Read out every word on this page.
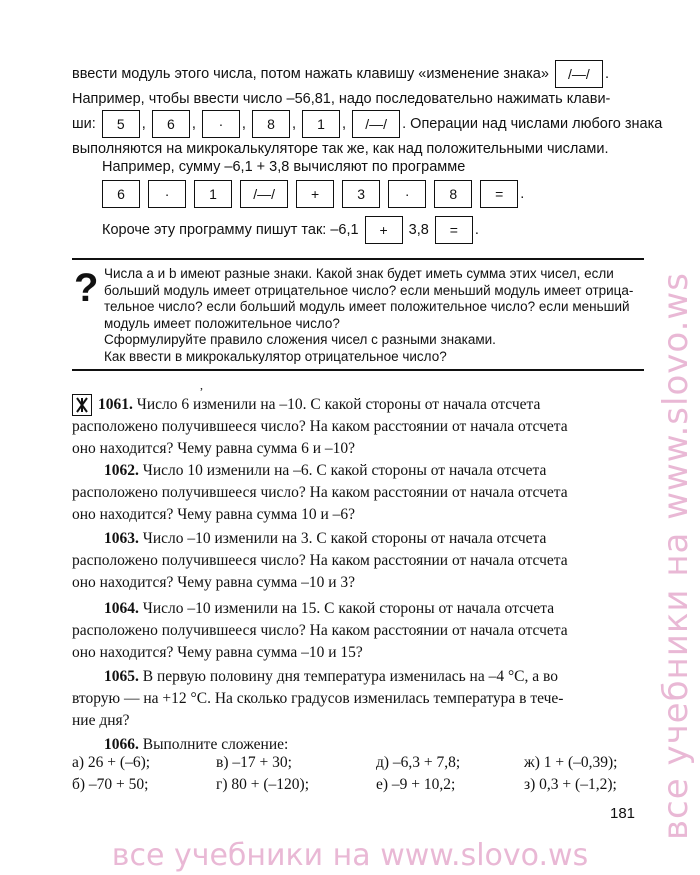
ввести модуль этого числа, потом нажать клавишу «изменение знака» /—/ .
Например, чтобы ввести число –56,81, надо последовательно нажимать клави-
ши: 5 , 6 , · , 8 , 1 , /—/ . Операции над числами любого знака
выполняются на микрокалькуляторе так же, как над положительными числами.
Например, сумму –6,1 + 3,8 вычисляют по программе
6	·	1	/—/	+	3	·	8	= .
Короче эту программу пишут так: –6,1 + 3,8 = .
? Числа a и b имеют разные знаки. Какой знак будет иметь сумма этих чисел, если
больший модуль имеет отрицательное число? если меньший модуль имеет отрица-
тельное число? если больший модуль имеет положительное число? если меньший
модуль имеет положительное число?
Сформулируйте правило сложения чисел с разными знаками.
Как ввести в микрокалькулятор отрицательное число?
,

1061. Число 6 изменили на –10. С какой стороны от начала отсчета

расположено получившееся число? На каком расстоянии от начала отсчета

оно находится? Чему равна сумма 6 и –10?

1062. Число 10 изменили на –6. С какой стороны от начала отсчета

расположено получившееся число? На каком расстоянии от начала отсчета

оно находится? Чему равна сумма 10 и –6?

1063. Число –10 изменили на 3. С какой стороны от начала отсчета

расположено получившееся число? На каком расстоянии от начала отсчета

оно находится? Чему равна сумма –10 и 3?

1064. Число –10 изменили на 15. С какой стороны от начала отсчета

расположено получившееся число? На каком расстоянии от начала отсчета

оно находится? Чему равна сумма –10 и 15?

1065. В первую половину дня температура изменилась на –4 °С, а во

вторую — на +12 °С. На сколько градусов изменилась температура в тече-

ние дня?

1066. Выполните сложение:
а) 26 + (–6);	в) –17 + 30;	д) –6,3 + 7,8;	ж) 1 + (–0,39);
б) –70 + 50;	г) 80 + (–120);	е) –9 + 10,2;	з) 0,3 + (–1,2);
181 все учебники на www.slovo.ws
все учебники на www.slovo.ws
